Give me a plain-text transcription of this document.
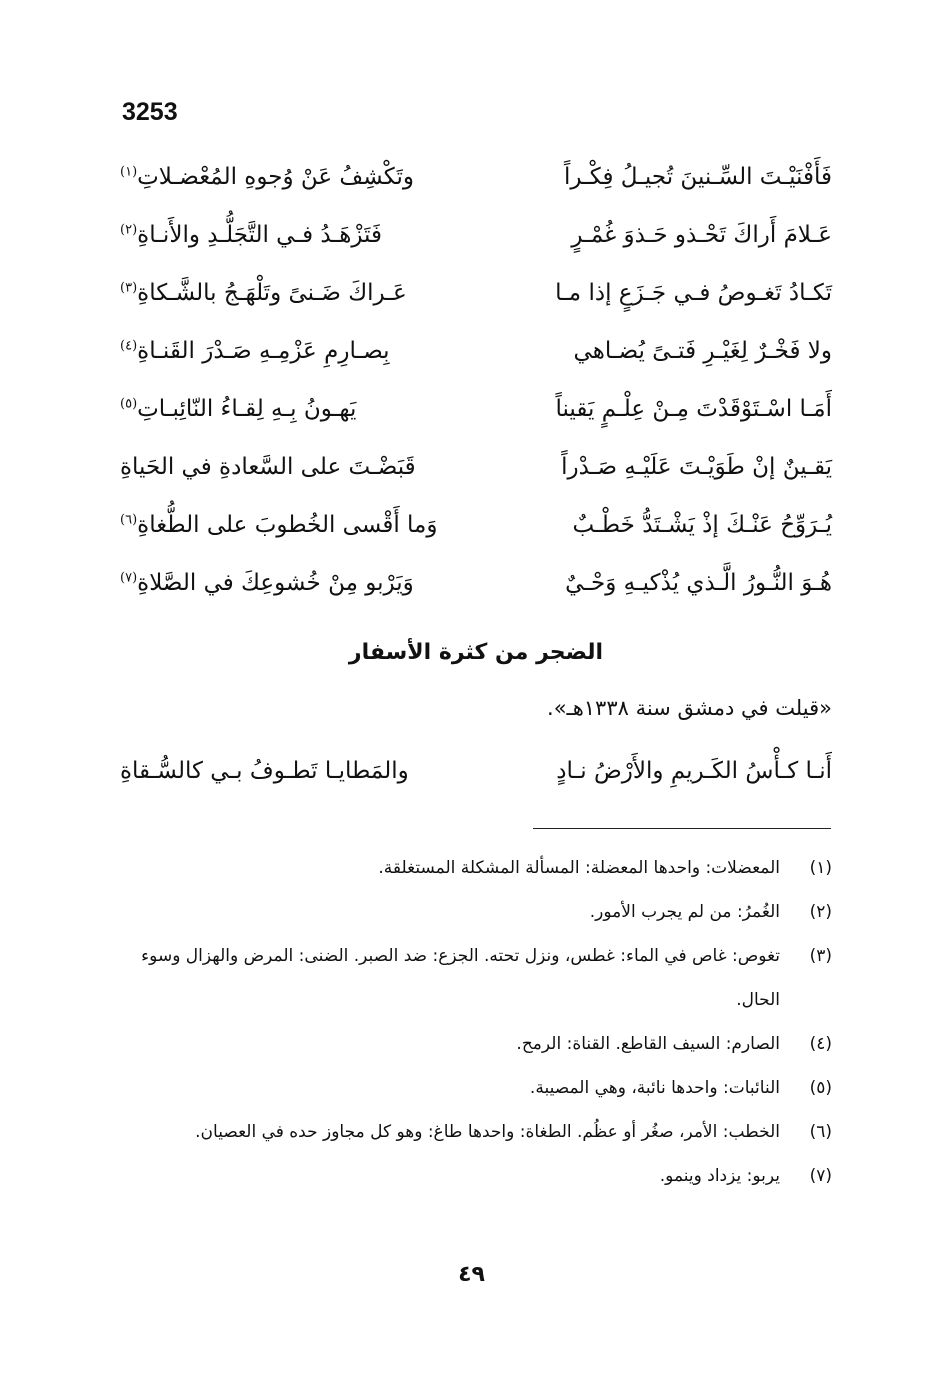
3253
فَأَفْنَيْـتَ السِّـنينَ تُجيـلُ فِكْـراً
وتَكْشِفُ عَنْ وُجوهِ المُعْضـلاتِ$^{(١)}$
عَـلامَ أَراكَ تَحْـذو حَـذوَ غُمْـرٍ
فَتَزْهَـدُ فـي التَّجَلُّـدِ والأَنـاةِ$^{(٢)}$
تَكـادُ تَغـوصُ فـي جَـزَعٍ إذا مـا
عَـراكَ ضَـنىً وتَلْهَـجُ بالشَّـكاةِ$^{(٣)}$
ولا فَخْـرٌ لِغَيْـرِ فَتـىً يُضـاهي
بِصـارِمِ عَزْمِـهِ صَـدْرَ القَنـاةِ$^{(٤)}$
أَمَـا اسْـتَوْقَدْتَ مِـنْ عِلْـمٍ يَقيناً
يَهـونُ بِـهِ لِقـاءُ النّائِبـاتِ$^{(٥)}$
يَقـينٌ إنْ طَوَيْـتَ عَلَيْـهِ صَـدْراً
قَبَضْـتَ على السَّعادةِ في الحَياةِ
يُـرَوِّحُ عَنْـكَ إذْ يَشْـتَدُّ خَطْـبٌ
وَما أَقْسى الخُطوبَ على الطُّغاةِ$^{(٦)}$
هُـوَ النُّـورُ الَّـذي يُذْكيـهِ وَحْـيٌ
وَيَرْبو مِنْ خُشوعِكَ في الصَّلاةِ$^{(٧)}$
الضجر من كثرة الأسفار
«قيلت في دمشق سنة ١٣٣٨هـ».
أَنـا كـأْسُ الكَـريمِ والأَرْضُ نـادٍ
والمَطايـا تَطـوفُ بـي كالسُّـقاةِ
(١)
المعضلات: واحدها المعضلة: المسألة المشكلة المستغلقة.
(٢)
الغُمرُ: من لم يجرب الأمور.
(٣)
تغوص: غاص في الماء: غطس، ونزل تحته. الجزع: ضد الصبر. الضنى: المرض والهزال وسوء الحال.
(٤)
الصارم: السيف القاطع. القناة: الرمح.
(٥)
النائبات: واحدها نائبة، وهي المصيبة.
(٦)
الخطب: الأمر، صغُر أو عظُم. الطغاة: واحدها طاغ: وهو كل مجاوز حده في العصيان.
(٧)
يربو: يزداد وينمو.
٤٩
